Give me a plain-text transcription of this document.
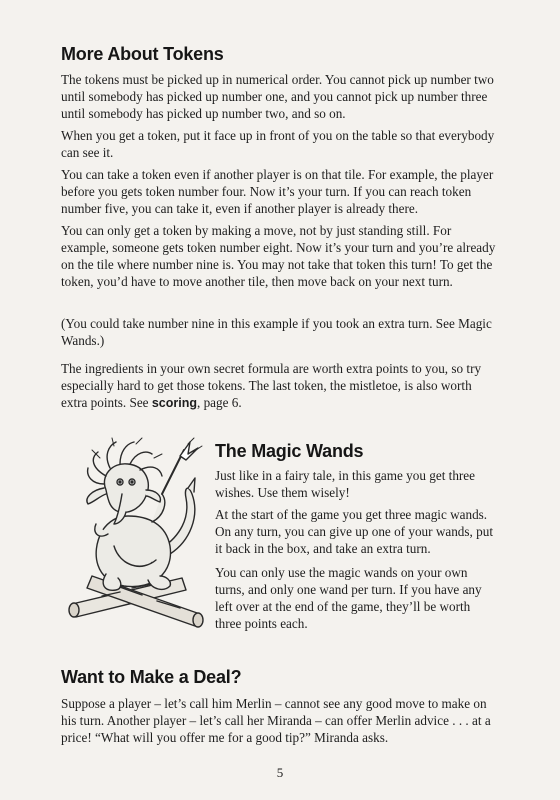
More About Tokens

The tokens must be picked up in numerical order. You cannot pick up number two until somebody has picked up number one, and you cannot pick up number three until somebody has picked up number two, and so on.

When you get a token, put it face up in front of you on the table so that everybody can see it.

You can take a token even if another player is on that tile. For example, the player before you gets token number four. Now it’s your turn. If you can reach token number five, you can take it, even if another player is already there.

You can only get a token by making a move, not by just standing still. For example, someone gets token number eight. Now it’s your turn and you’re already on the tile where number nine is. You may not take that token this turn! To get the token, you’d have to move another tile, then move back on your next turn.

(You could take number nine in this example if you took an extra turn. See Magic Wands.)

The ingredients in your own secret formula are worth extra points to you, so try especially hard to get those tokens. The last token, the mistletoe, is also worth extra points. See scoring, page 6.

The Magic Wands

Just like in a fairy tale, in this game you get three wishes. Use them wisely!

At the start of the game you get three magic wands. On any turn, you can give up one of your wands, put it back in the box, and take an extra turn.

You can only use the magic wands on your own turns, and only one wand per turn. If you have any left over at the end of the game, they’ll be worth three points each.

Want to Make a Deal?

Suppose a player – let’s call him Merlin – cannot see any good move to make on his turn. Another player – let’s call her Miranda – can offer Merlin advice . . . at a price! “What will you offer me for a good tip?” Miranda asks.

5
